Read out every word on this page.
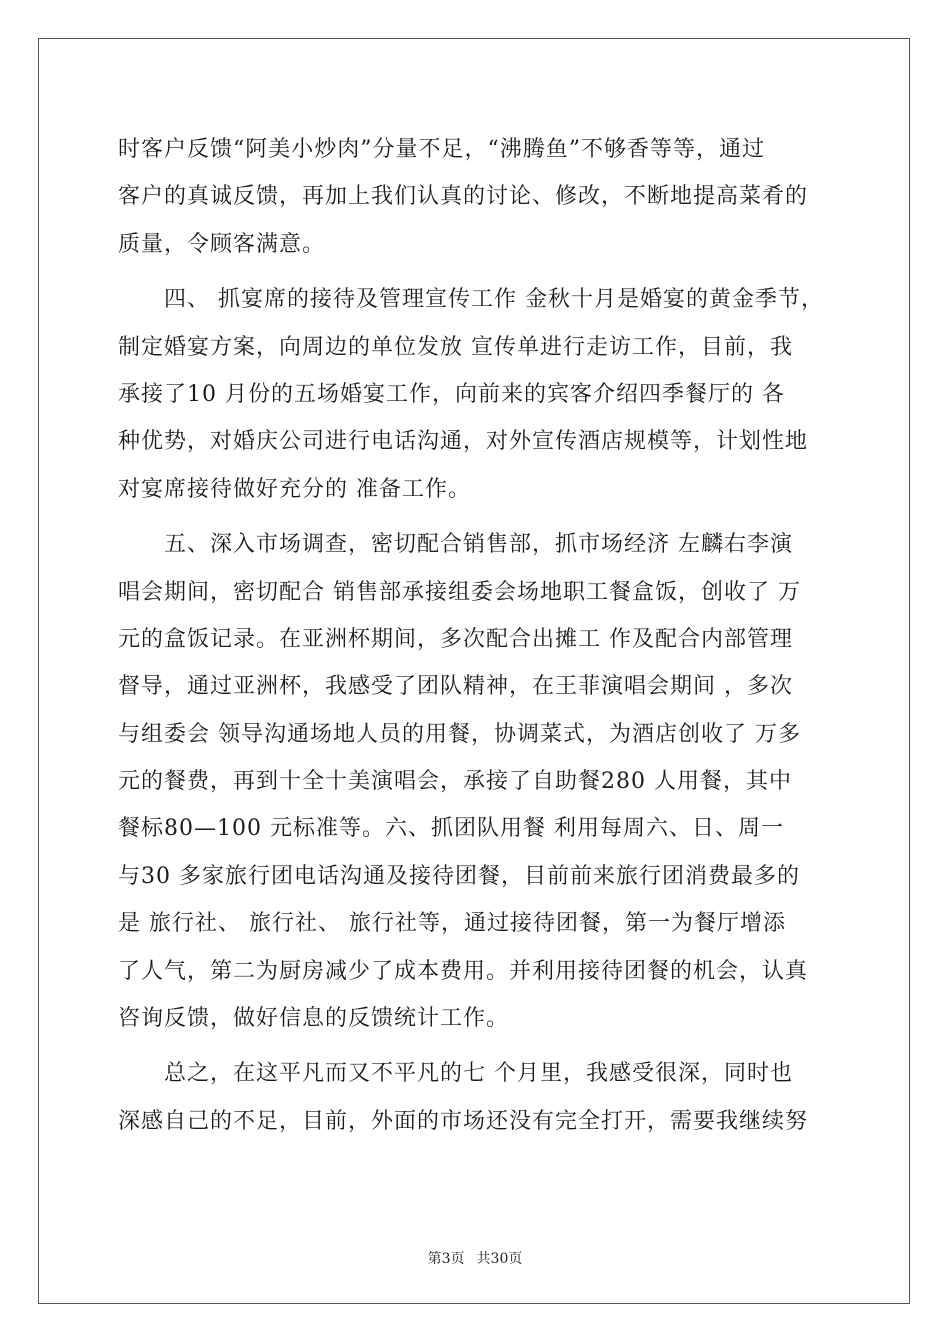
时客户反馈“阿美小炒肉”分量不足，“沸腾鱼”不够香等等，通过
客户的真诚反馈，再加上我们认真的讨论、修改，不断地提高菜肴的
质量，令顾客满意。
　　四、 抓宴席的接待及管理宣传工作 金秋十月是婚宴的黄金季节，
制定婚宴方案，向周边的单位发放 宣传单进行走访工作，目前，我
承接了10 月份的五场婚宴工作，向前来的宾客介绍四季餐厅的 各
种优势，对婚庆公司进行电话沟通，对外宣传酒店规模等，计划性地
对宴席接待做好充分的 准备工作。
　　五、深入市场调查，密切配合销售部，抓市场经济 左麟右李演
唱会期间，密切配合 销售部承接组委会场地职工餐盒饭，创收了 万
元的盒饭记录。在亚洲杯期间，多次配合出摊工 作及配合内部管理
督导，通过亚洲杯，我感受了团队精神，在王菲演唱会期间 ，多次
与组委会 领导沟通场地人员的用餐，协调菜式，为酒店创收了 万多
元的餐费，再到十全十美演唱会，承接了自助餐280 人用餐，其中
餐标80—100 元标准等。六、抓团队用餐 利用每周六、日、周一
与30 多家旅行团电话沟通及接待团餐，目前前来旅行团消费最多的
是 旅行社、 旅行社、 旅行社等，通过接待团餐，第一为餐厅增添
了人气，第二为厨房减少了成本费用。并利用接待团餐的机会，认真
咨询反馈，做好信息的反馈统计工作。
　　总之，在这平凡而又不平凡的七 个月里，我感受很深，同时也
深感自己的不足，目前，外面的市场还没有完全打开，需要我继续努
第3页 共30页
